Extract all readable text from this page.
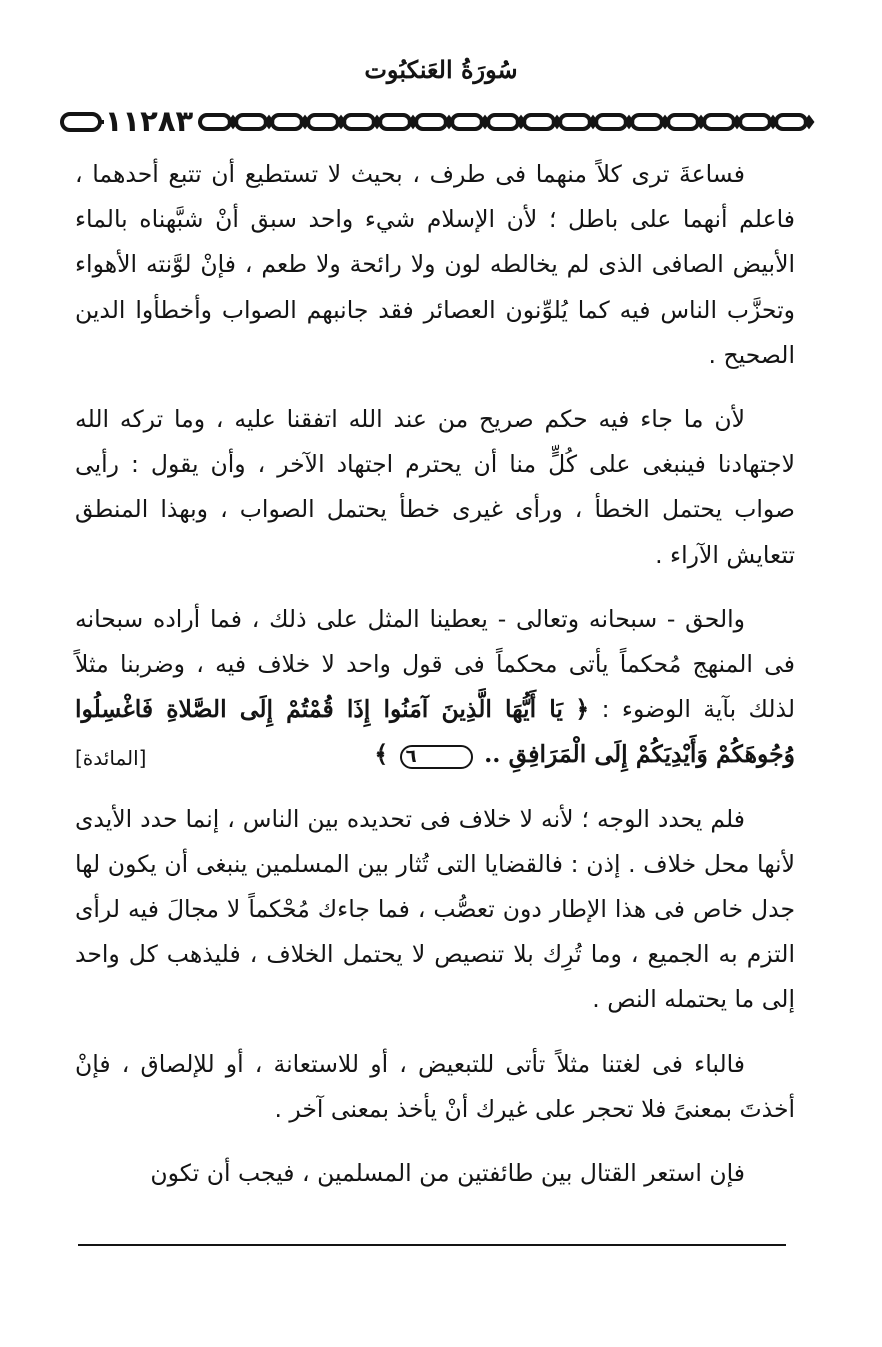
سُورَةُ العَنكبُوت
١١٢٨٣

فساعةَ ترى كلاً منهما فى طرف ، بحيث لا تستطيع أن تتبع أحدهما ، فاعلم أنهما على باطل ؛ لأن الإسلام شيء واحد سبق أنْ شبَّهناه بالماء الأبيض الصافى الذى لم يخالطه لون ولا رائحة ولا طعم ، فإنْ لوَّنته الأهواء وتحزَّب الناس فيه كما يُلوِّنون العصائر فقد جانبهم الصواب وأخطأوا الدين الصحيح .

لأن ما جاء فيه حكم صريح من عند الله اتفقنا عليه ، وما تركه الله لاجتهادنا فينبغى على كُلٍّ منا أن يحترم اجتهاد الآخر ، وأن يقول : رأيى صواب يحتمل الخطأ ، ورأى غيرى خطأ يحتمل الصواب ، وبهذا المنطق تتعايش الآراء .

والحق - سبحانه وتعالى - يعطينا المثل على ذلك ، فما أراده سبحانه فى المنهج مُحكماً يأتى محكماً فى قول واحد لا خلاف فيه ، وضربنا مثلاً لذلك بآية الوضوء : ﴿ يَا أَيُّهَا الَّذِينَ آمَنُوا إِذَا قُمْتُمْ إِلَى الصَّلاةِ فَاغْسِلُوا وُجُوهَكُمْ وَأَيْدِيَكُمْ إِلَى الْمَرَافِقِ .. ٦ ﴾
[المائدة]

فلم يحدد الوجه ؛ لأنه لا خلاف فى تحديده بين الناس ، إنما حدد الأيدى لأنها محل خلاف . إذن : فالقضايا التى تُثار بين المسلمين ينبغى أن يكون لها جدل خاص فى هذا الإطار دون تعصُّب ، فما جاءك مُحْكماً لا مجالَ فيه لرأى التزم به الجميع ، وما تُرِك بلا تنصيص لا يحتمل الخلاف ، فليذهب كل واحد إلى ما يحتمله النص .

فالباء فى لغتنا مثلاً تأتى للتبعيض ، أو للاستعانة ، أو للإلصاق ، فإنْ أخذتَ بمعنىً فلا تحجر على غيرك أنْ يأخذ بمعنى آخر .

فإن استعر القتال بين طائفتين من المسلمين ، فيجب أن تكون
